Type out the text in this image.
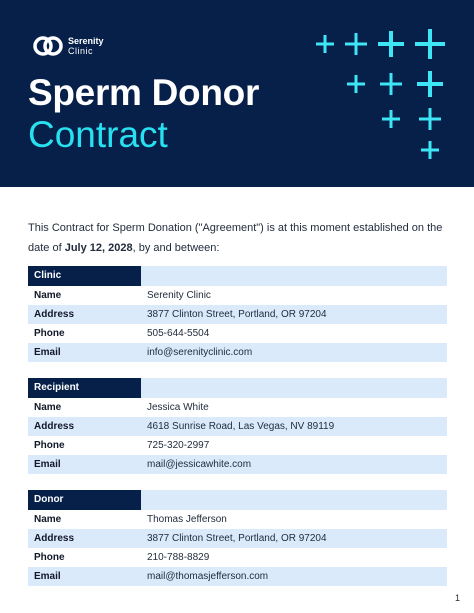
Serenity
Clinic
Sperm Donor
Contract
This Contract for Sperm Donation ("Agreement") is at this moment established on the date of July 12, 2028, by and between:
Clinic
Name	Serenity Clinic
Address	3877 Clinton Street, Portland, OR 97204
Phone	505-644-5504
Email	info@serenityclinic.com
Recipient
Name	Jessica White
Address	4618 Sunrise Road, Las Vegas, NV 89119
Phone	725-320-2997
Email	mail@jessicawhite.com
Donor
Name	Thomas Jefferson
Address	3877 Clinton Street, Portland, OR 97204
Phone	210-788-8829
Email	mail@thomasjefferson.com
1
